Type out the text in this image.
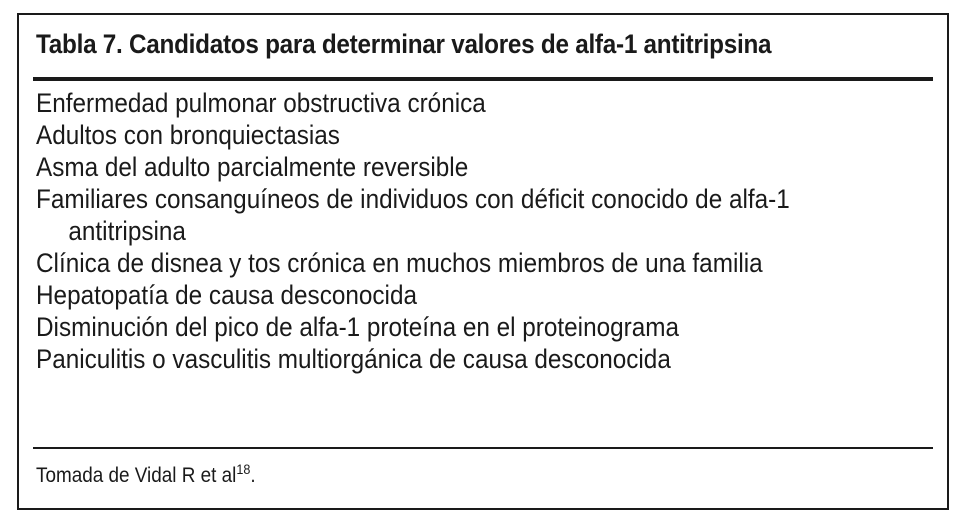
Tabla 7. Candidatos para determinar valores de alfa-1 antitripsina
Enfermedad pulmonar obstructiva crónica
Adultos con bronquiectasias
Asma del adulto parcialmente reversible
Familiares consanguíneos de individuos con déficit conocido de alfa-1
antitripsina
Clínica de disnea y tos crónica en muchos miembros de una familia
Hepatopatía de causa desconocida
Disminución del pico de alfa-1 proteína en el proteinograma
Paniculitis o vasculitis multiorgánica de causa desconocida
Tomada de Vidal R et $al^{18}$.
